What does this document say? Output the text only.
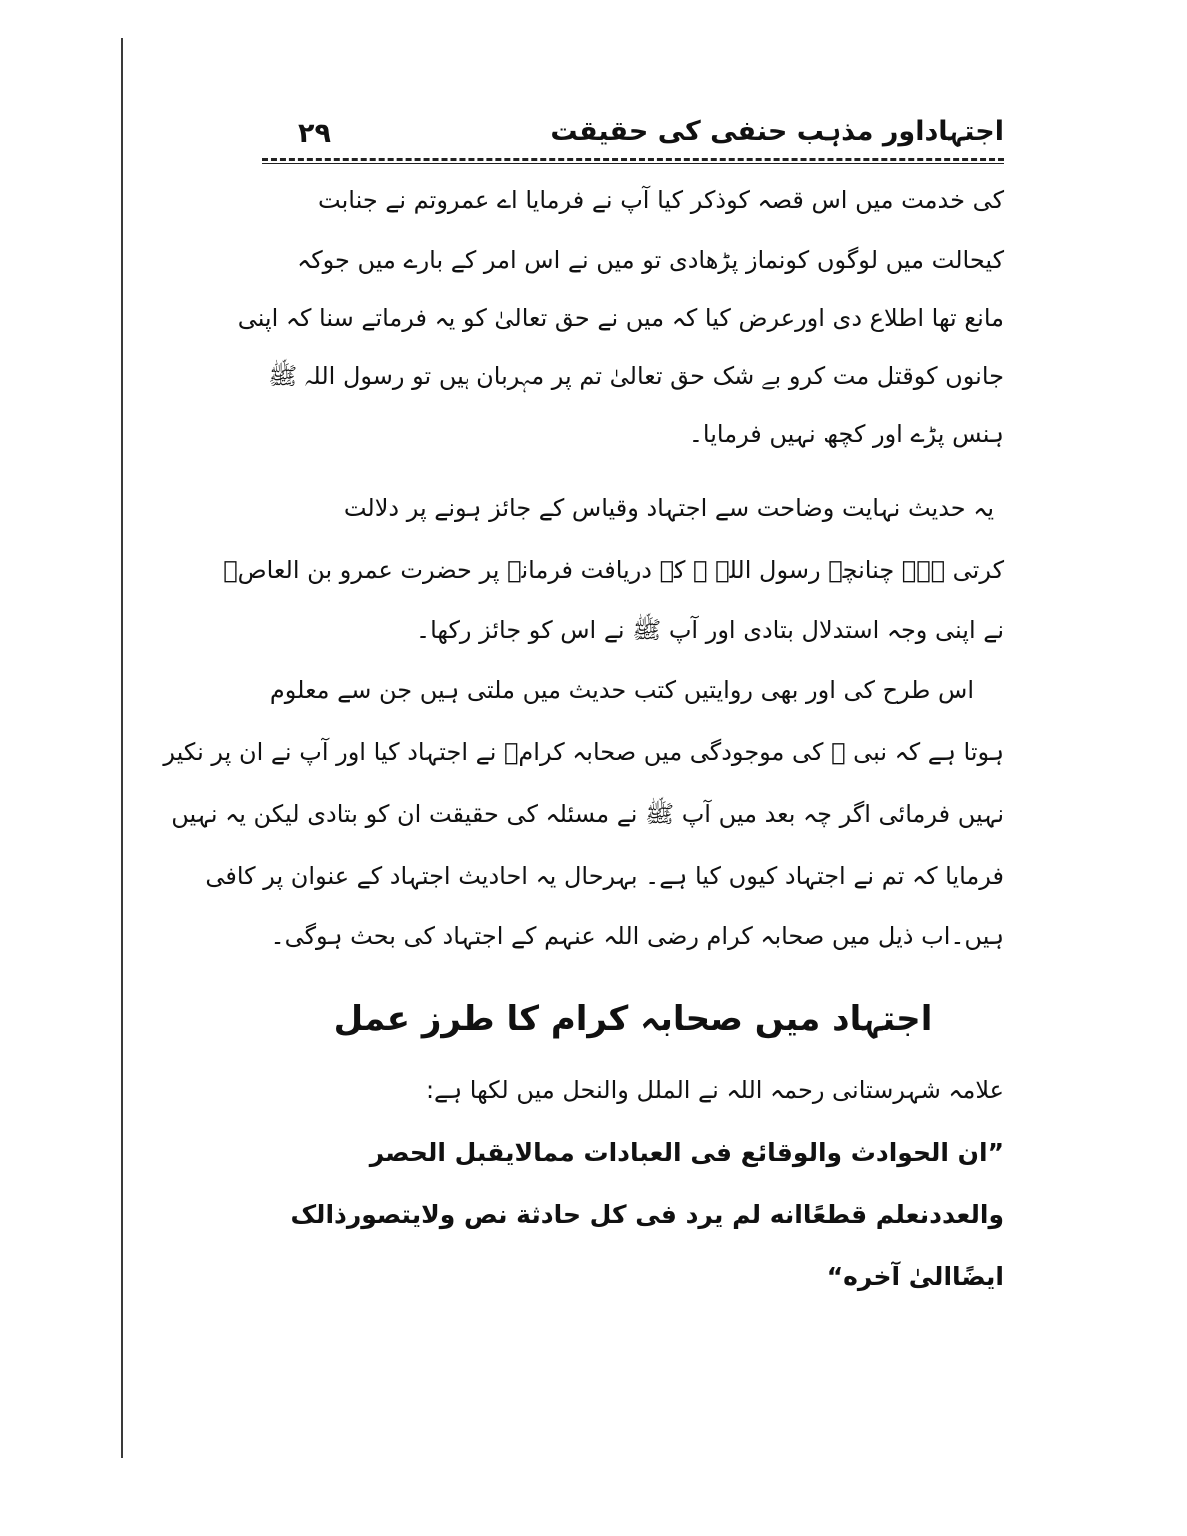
اجتہاداور مذہب حنفی کی حقیقت
۲۹
کی خدمت میں اس قصہ کوذکر کیا آپ نے فرمایا اے عمروتم نے جنابت
کیحالت میں لوگوں کونماز پڑھادی تو میں نے اس امر کے بارے میں جوکہ
مانع تھا اطلاع دی اورعرض کیا کہ میں نے حق تعالیٰ کو یہ فرماتے سنا کہ اپنی
جانوں کوقتل مت کرو بے شک حق تعالیٰ تم پر مہربان ہیں تو رسول اللہ ﷺ
ہنس پڑے اور کچھ نہیں فرمایا۔
یہ حدیث نہایت وضاحت سے اجتہاد وقیاس کے جائز ہونے پر دلالت
کرتی ہے۔ چنانچہ رسول اللہ ﷺ کے دریافت فرمانے پر حضرت عمرو بن العاصؓ
نے اپنی وجہ استدلال بتادی اور آپ ﷺ نے اس کو جائز رکھا۔
اس طرح کی اور بھی روایتیں کتب حدیث میں ملتی ہیں جن سے معلوم
ہوتا ہے کہ نبی ﷺ کی موجودگی میں صحابہ کرامؓ نے اجتہاد کیا اور آپ نے ان پر نکیر
نہیں فرمائی اگر چہ بعد میں آپ ﷺ نے مسئلہ کی حقیقت ان کو بتادی لیکن یہ نہیں
فرمایا کہ تم نے اجتہاد کیوں کیا ہے۔ بہرحال یہ احادیث اجتہاد کے عنوان پر کافی
ہیں۔اب ذیل میں صحابہ کرام رضی اللہ عنہم کے اجتہاد کی بحث ہوگی۔
اجتہاد میں صحابہ کرام کا طرز عمل
علامہ شہرستانی رحمہ اللہ نے الملل والنحل میں لکھا ہے:
”ان الحوادث والوقائع فی العبادات ممالایقبل الحصر
والعددنعلم قطعًاانه لم یرد فی کل حادثة نص ولایتصورذالک
ایضًاالیٰ آخره“
